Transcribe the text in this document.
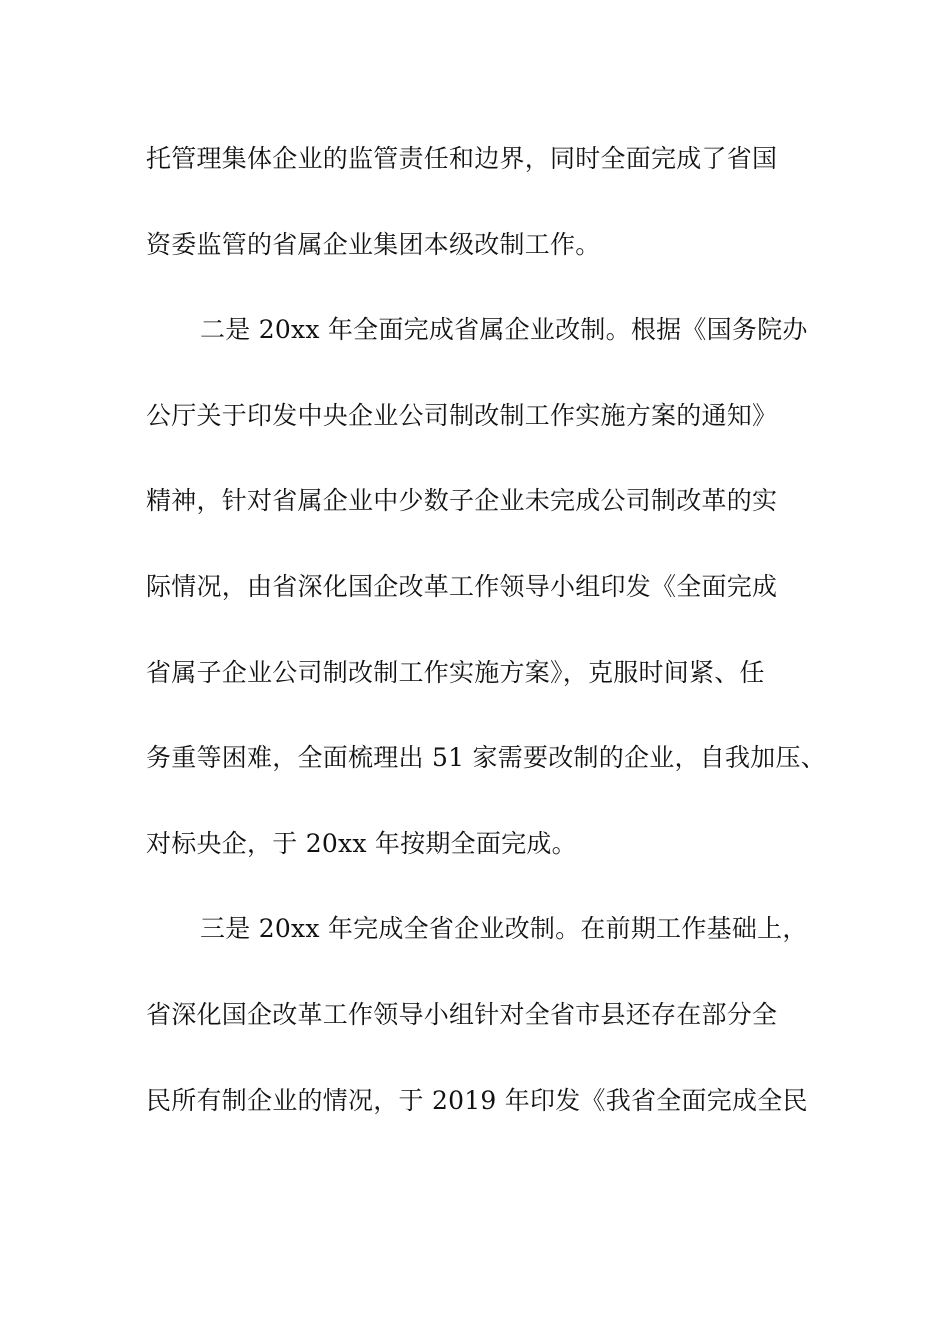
托管理集体企业的监管责任和边界，同时全面完成了省国
资委监管的省属企业集团本级改制工作。
二是 20xx 年全面完成省属企业改制。根据《国务院办
公厅关于印发中央企业公司制改制工作实施方案的通知》
精神，针对省属企业中少数子企业未完成公司制改革的实
际情况，由省深化国企改革工作领导小组印发《全面完成
省属子企业公司制改制工作实施方案》，克服时间紧、任
务重等困难，全面梳理出 51 家需要改制的企业，自我加压、
对标央企，于 20xx 年按期全面完成。
三是 20xx 年完成全省企业改制。在前期工作基础上，
省深化国企改革工作领导小组针对全省市县还存在部分全
民所有制企业的情况，于 2019 年印发《我省全面完成全民
